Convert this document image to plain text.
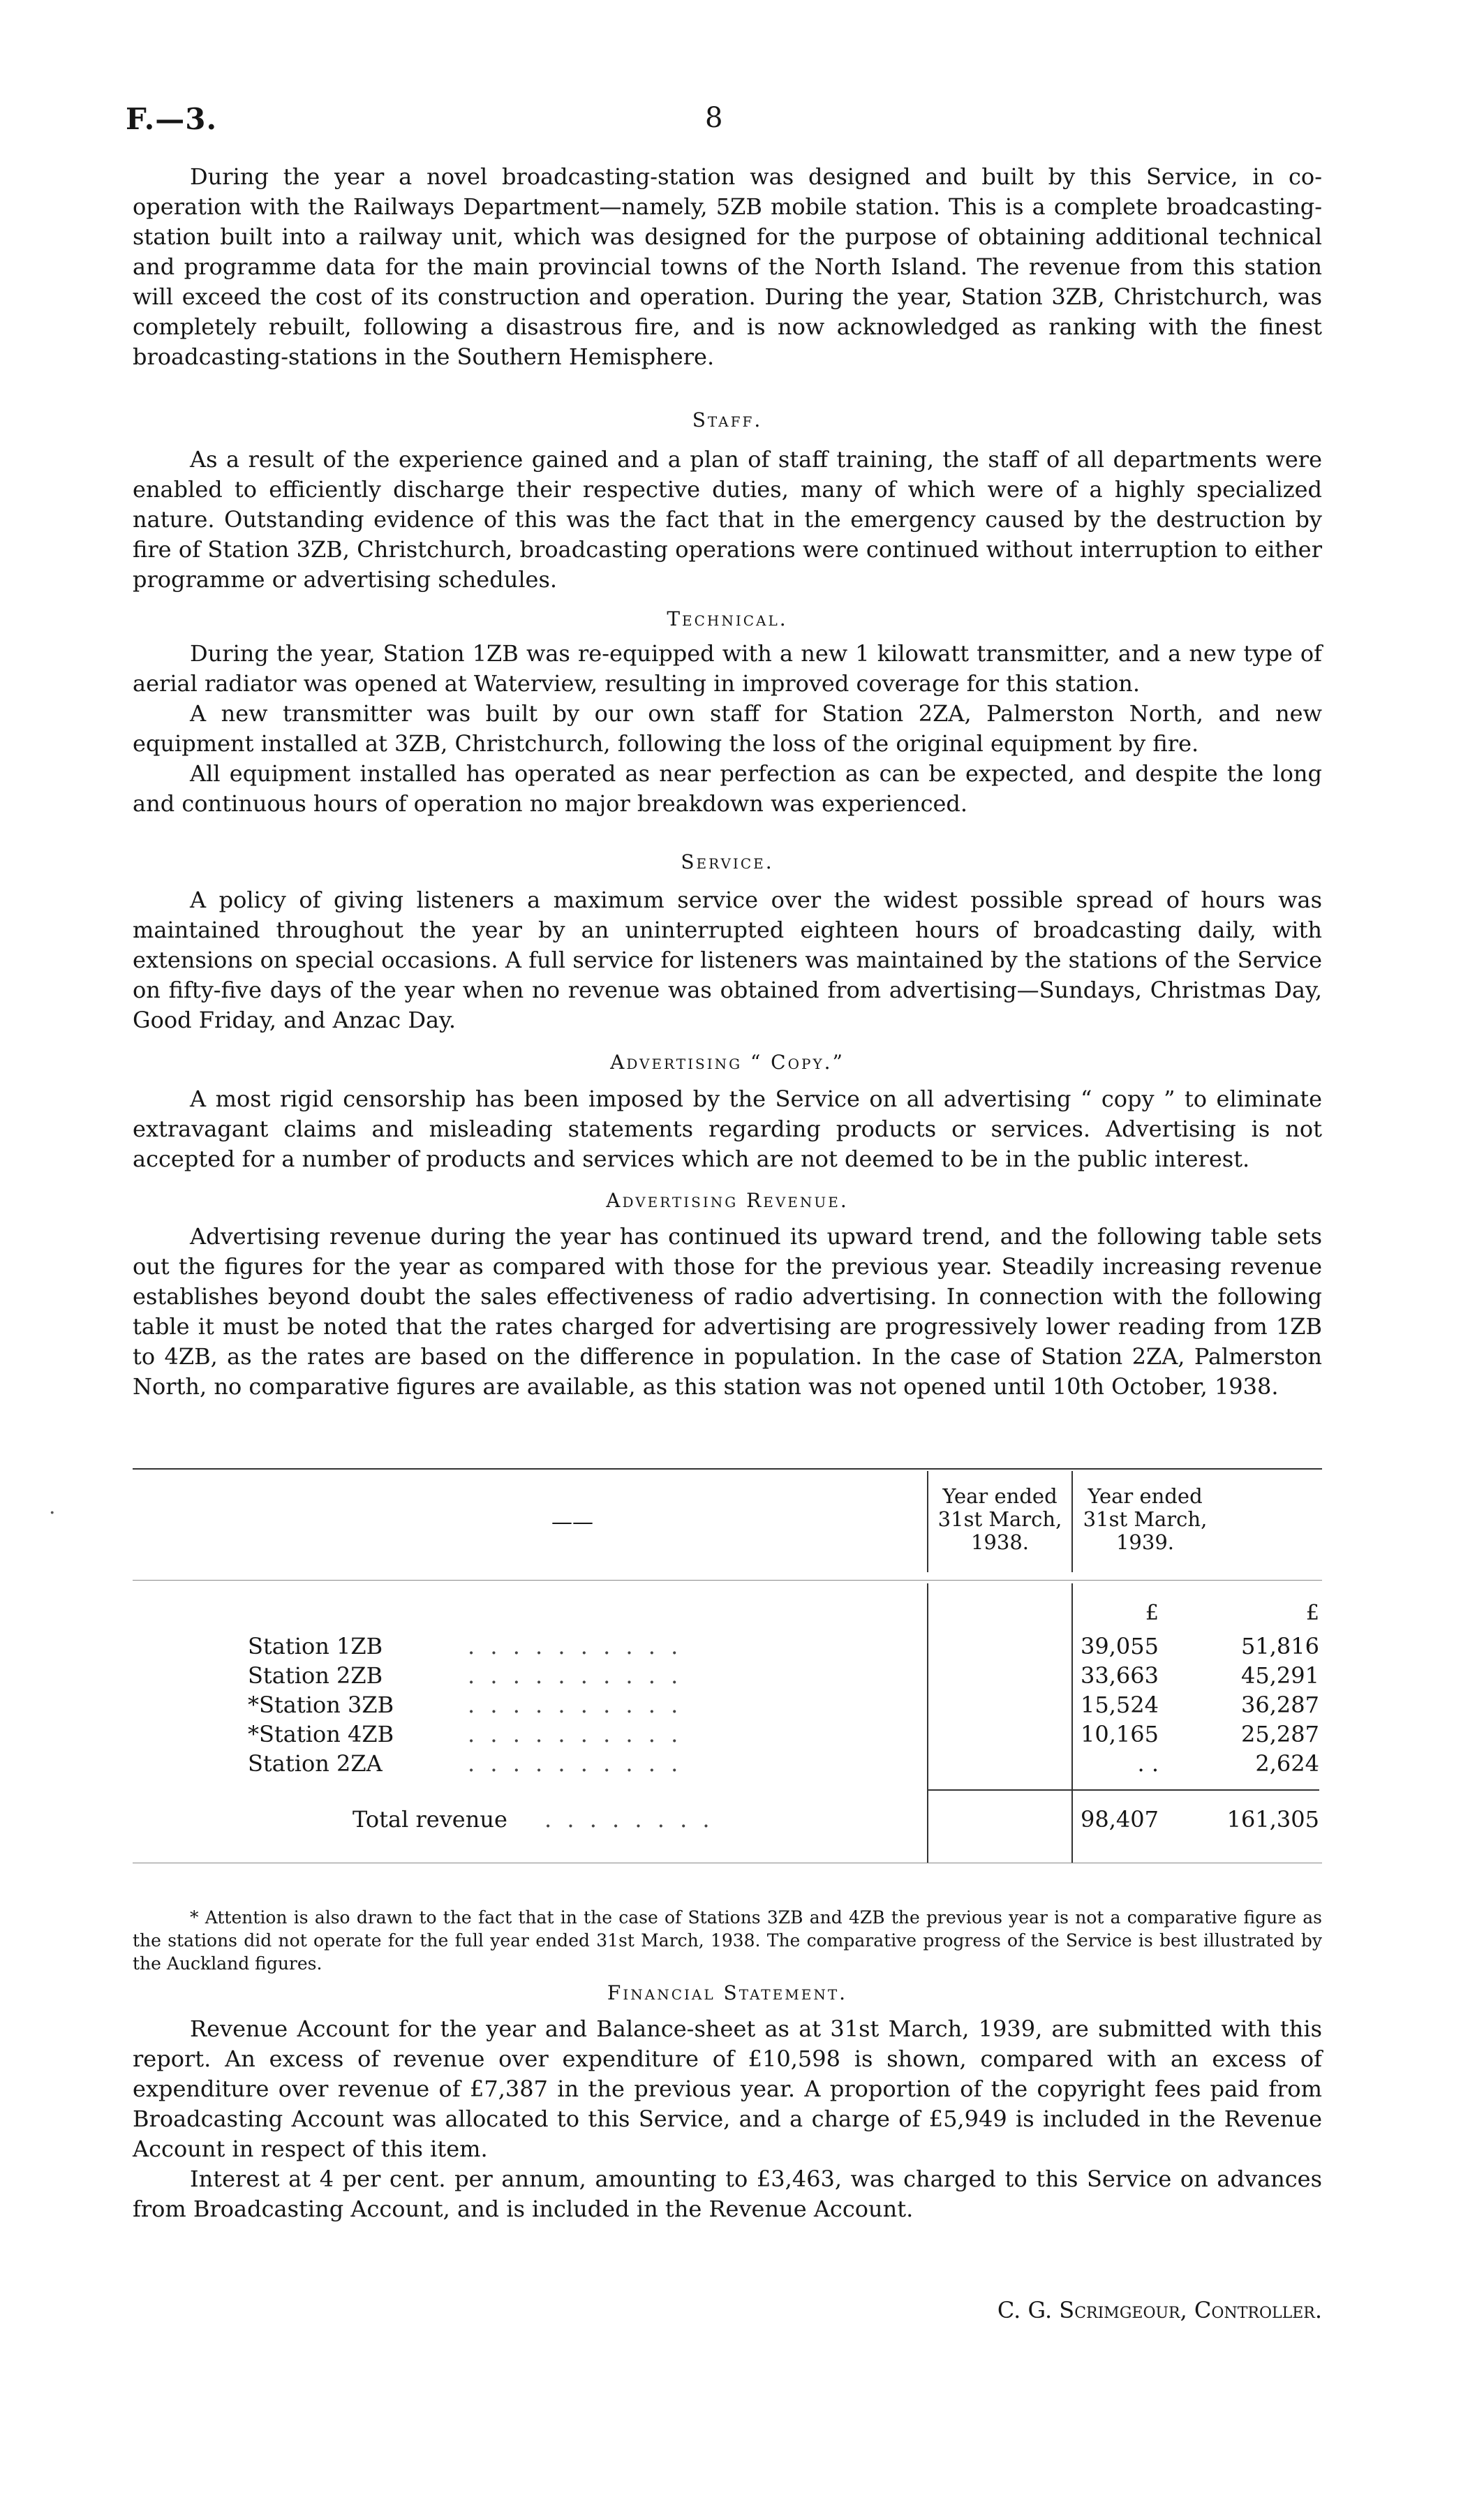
F.—3.	8

During the year a novel broadcasting-station was designed and built by this Service, in co-operation with the Railways Department—namely, 5ZB mobile station. This is a complete broadcasting-station built into a railway unit, which was designed for the purpose of obtaining additional technical and programme data for the main provincial towns of the North Island. The revenue from this station will exceed the cost of its construction and operation. During the year, Station 3ZB, Christchurch, was completely rebuilt, following a disastrous fire, and is now acknowledged as ranking with the finest broadcasting-stations in the Southern Hemisphere.

Staff.

As a result of the experience gained and a plan of staff training, the staff of all departments were enabled to efficiently discharge their respective duties, many of which were of a highly specialized nature. Outstanding evidence of this was the fact that in the emergency caused by the destruction by fire of Station 3ZB, Christchurch, broadcasting operations were continued without interruption to either programme or advertising schedules.

Technical.

During the year, Station 1ZB was re-equipped with a new 1 kilowatt transmitter, and a new type of aerial radiator was opened at Waterview, resulting in improved coverage for this station.

A new transmitter was built by our own staff for Station 2ZA, Palmerston North, and new equipment installed at 3ZB, Christchurch, following the loss of the original equipment by fire.

All equipment installed has operated as near perfection as can be expected, and despite the long and continuous hours of operation no major breakdown was experienced.

Service.

A policy of giving listeners a maximum service over the widest possible spread of hours was maintained throughout the year by an uninterrupted eighteen hours of broadcasting daily, with extensions on special occasions. A full service for listeners was maintained by the stations of the Service on fifty-five days of the year when no revenue was obtained from advertising—Sundays, Christmas Day, Good Friday, and Anzac Day.

Advertising “ Copy.”

A most rigid censorship has been imposed by the Service on all advertising “ copy ” to eliminate extravagant claims and misleading statements regarding products or services. Advertising is not accepted for a number of products and services which are not deemed to be in the public interest.

Advertising Revenue.

Advertising revenue during the year has continued its upward trend, and the following table sets out the figures for the year as compared with those for the previous year. Steadily increasing revenue establishes beyond doubt the sales effectiveness of radio advertising. In connection with the following table it must be noted that the rates charged for advertising are progressively lower reading from 1ZB to 4ZB, as the rates are based on the difference in population. In the case of Station 2ZA, Palmerston North, no comparative figures are available, as this station was not opened until 10th October, 1938.

·	——
Year ended 31st March, 1938.
Year ended 31st March, 1939.
£	£
Station 1ZB	. . . . . . . . . .	39,055	51,816
Station 2ZB	. . . . . . . . . .	33,663	45,291
*Station 3ZB	. . . . . . . . . .	15,524	36,287
*Station 4ZB	. . . . . . . . . .	10,165	25,287
Station 2ZA	. . . . . . . . . .	. .	2,624
Total revenue . . . . . . . .	98,407	161,305

* Attention is also drawn to the fact that in the case of Stations 3ZB and 4ZB the previous year is not a comparative figure as the stations did not operate for the full year ended 31st March, 1938. The comparative progress of the Service is best illustrated by the Auckland figures.

Financial Statement.

Revenue Account for the year and Balance-sheet as at 31st March, 1939, are submitted with this report. An excess of revenue over expenditure of £10,598 is shown, compared with an excess of expenditure over revenue of £7,387 in the previous year. A proportion of the copyright fees paid from Broadcasting Account was allocated to this Service, and a charge of £5,949 is included in the Revenue Account in respect of this item.

Interest at 4 per cent. per annum, amounting to £3,463, was charged to this Service on advances from Broadcasting Account, and is included in the Revenue Account.

C. G. Scrimgeour, Controller.
